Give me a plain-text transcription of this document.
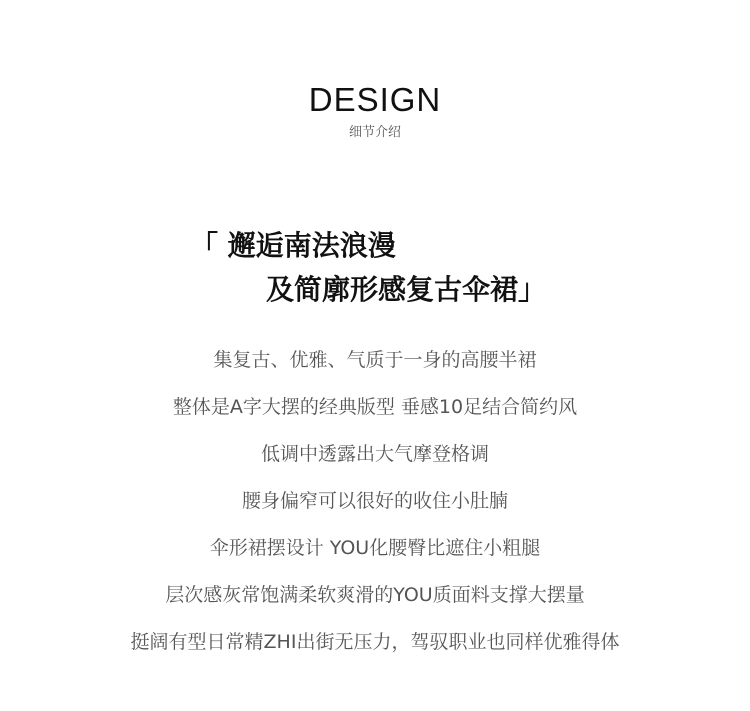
DESIGN
细节介绍
「 邂逅南法浪漫
及简廓形感复古伞裙」
集复古、优雅、气质于一身的高腰半裙
整体是A字大摆的经典版型 垂感10足结合简约风
低调中透露出大气摩登格调
腰身偏窄可以很好的收住小肚腩
伞形裙摆设计 YOU化腰臀比遮住小粗腿
层次感灰常饱满柔软爽滑的YOU质面料支撑大摆量
挺阔有型日常精ZHI出街无压力，驾驭职业也同样优雅得体
